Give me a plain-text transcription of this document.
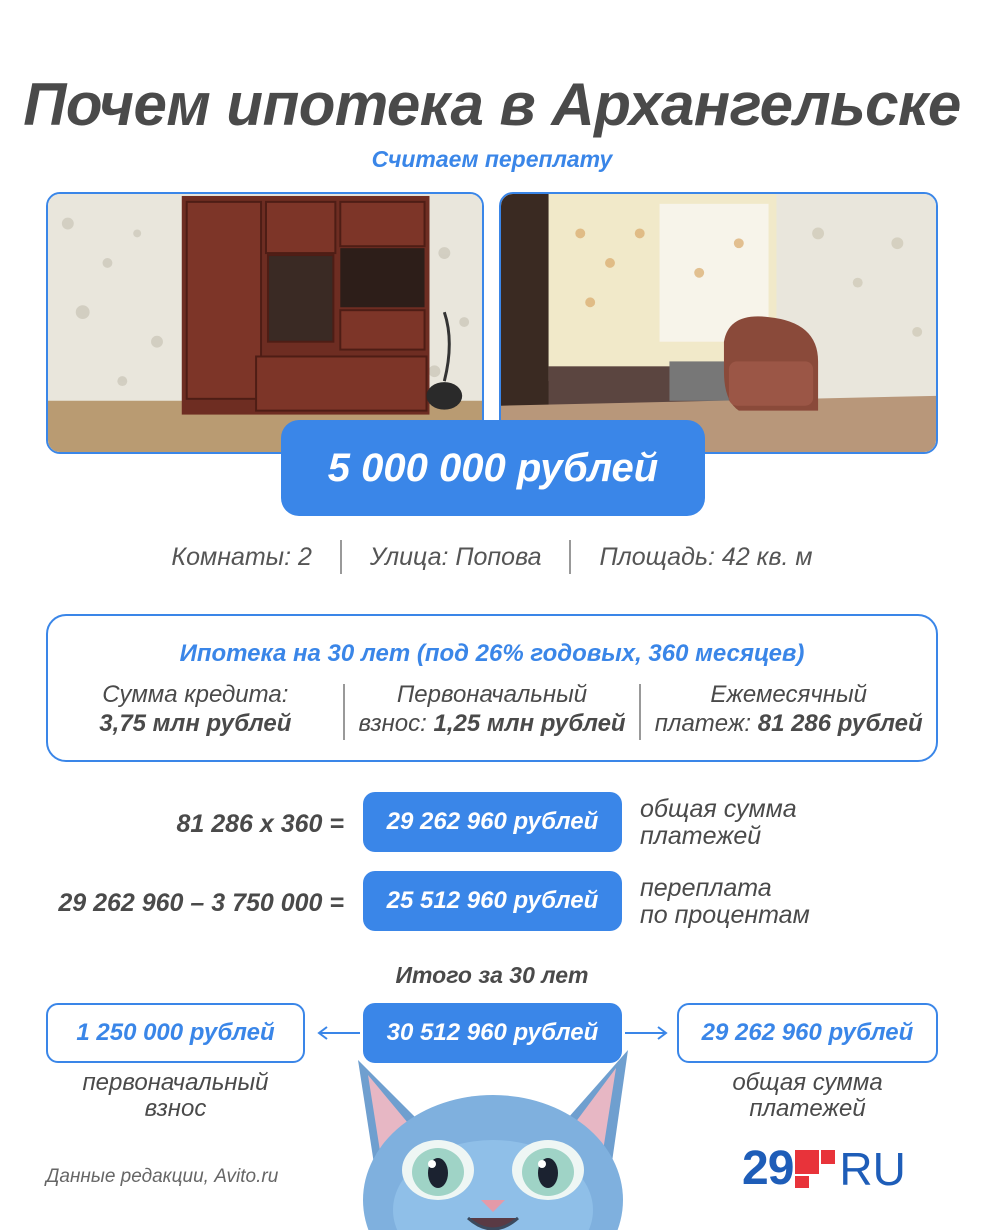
Почем ипотека в Архангельске
Считаем переплату
5 000 000 рублей
Комнаты: 2 Улица: Попова Площадь: 42 кв. м
Ипотека на 30 лет (под 26% годовых, 360 месяцев)
Сумма кредита:
3,75 млн рублей
Первоначальный
взнос: 1,25 млн рублей
Ежемесячный
платеж: 81 286 рублей
81 286 x 360 =	29 262 960 рублей	общая сумма
платежей
29 262 960 – 3 750 000 =	25 512 960 рублей	переплата
по процентам
Итого за 30 лет
1 250 000 рублей	30 512 960 рублей	29 262 960 рублей
первоначальный
взнос
общая сумма
платежей
Данные редакции, Avito.ru	29 RU
